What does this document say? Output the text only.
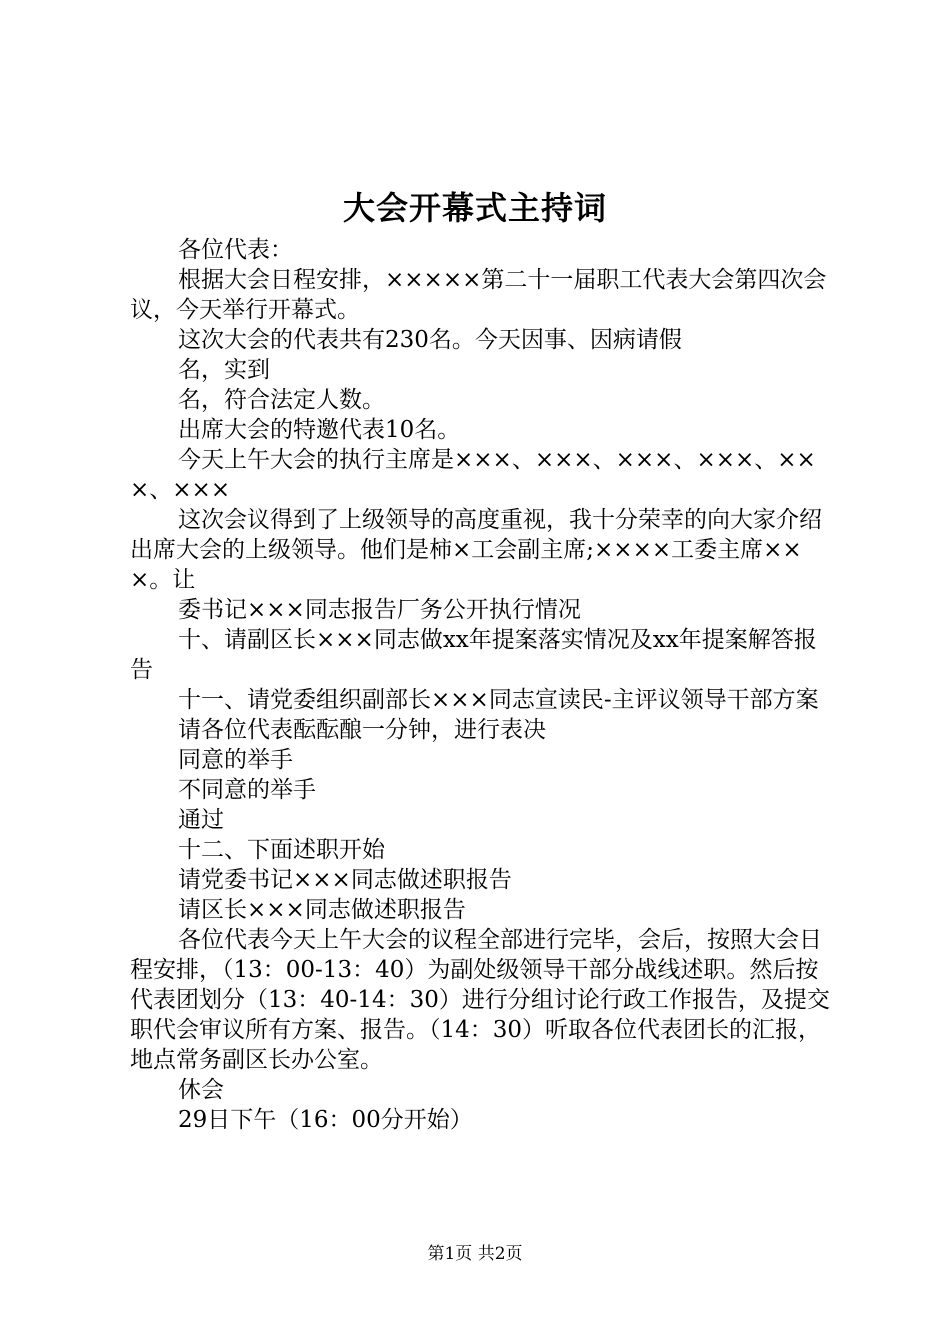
大会开幕式主持词

各位代表：

根据大会日程安排，×××××第二十一届职工代表大会第四次会议，今天举行开幕式。

这次大会的代表共有230名。今天因事、因病请假

名，实到

名，符合法定人数。

出席大会的特邀代表10名。

今天上午大会的执行主席是×××、×××、×××、×××、×××、×××

这次会议得到了上级领导的高度重视，我十分荣幸的向大家介绍出席大会的上级领导。他们是柿×工会副主席;××××工委主席×××。让

委书记×××同志报告厂务公开执行情况

十、请副区长×××同志做xx年提案落实情况及xx年提案解答报告

十一、请党委组织副部长×××同志宣读民-主评议领导干部方案

请各位代表酝酝酿一分钟，进行表决

同意的举手

不同意的举手

通过

十二、下面述职开始

请党委书记×××同志做述职报告

请区长×××同志做述职报告

各位代表今天上午大会的议程全部进行完毕，会后，按照大会日程安排，（13：00-13：40）为副处级领导干部分战线述职。然后按代表团划分（13：40-14：30）进行分组讨论行政工作报告，及提交职代会审议所有方案、报告。（14：30）听取各位代表团长的汇报，地点常务副区长办公室。

休会

29日下午（16：00分开始）

第1页 共2页
